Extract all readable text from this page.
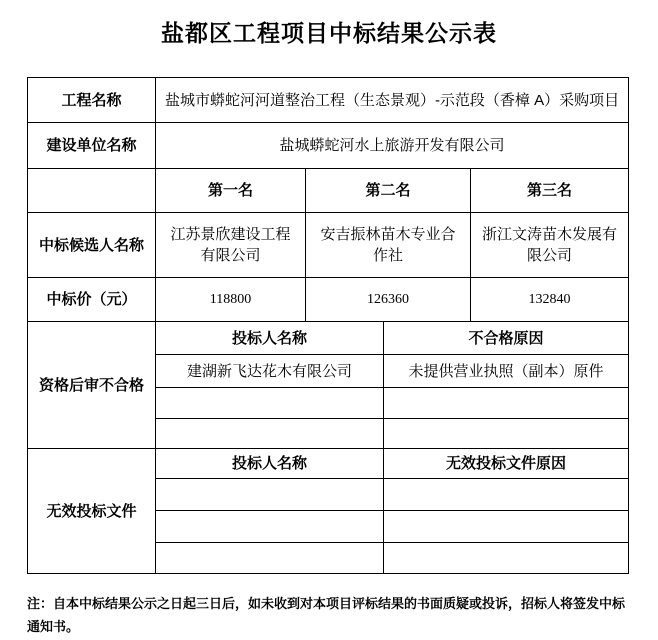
盐都区工程项目中标结果公示表
工程名称	盐城市蟒蛇河河道整治工程（生态景观）-示范段（香樟 A）采购项目			
建设单位名称	盐城蟒蛇河水上旅游开发有限公司			
	第一名	第二名		第三名
中标候选人名称	江苏景欣建设工程有限公司	安吉振林苗木专业合作社		浙江文涛苗木发展有限公司
中标价（元）	118800	126360		132840
资格后审不合格	投标人名称		不合格原因	
	建湖新飞达花木有限公司		未提供营业执照（副本）原件	

无效投标文件	投标人名称		无效投标文件原因	

注：自本中标结果公示之日起三日后，如未收到对本项目评标结果的书面质疑或投诉，招标人将签发中标通知书。
